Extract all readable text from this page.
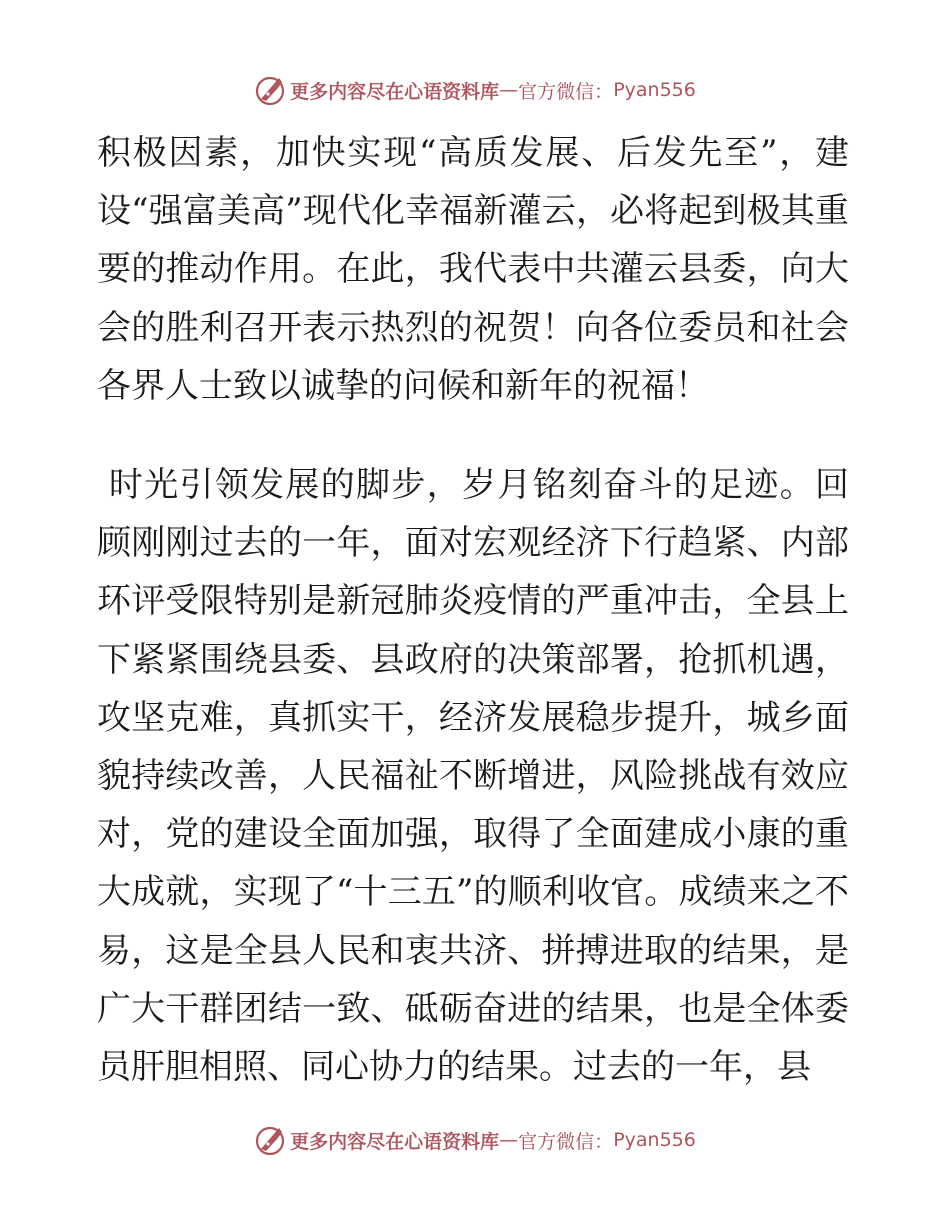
更多内容尽在心语资料库 — 官方微信： Pyan556

积极因素，加快实现“高质发展、后发先至”，建设“强富美高”现代化幸福新灌云，必将起到极其重要的推动作用。在此，我代表中共灌云县委，向大会的胜利召开表示热烈的祝贺！向各位委员和社会各界人士致以诚挚的问候和新年的祝福！

时光引领发展的脚步，岁月铭刻奋斗的足迹。回顾刚刚过去的一年，面对宏观经济下行趋紧、内部环评受限特别是新冠肺炎疫情的严重冲击，全县上下紧紧围绕县委、县政府的决策部署，抢抓机遇，攻坚克难，真抓实干，经济发展稳步提升，城乡面貌持续改善，人民福祉不断增进，风险挑战有效应对，党的建设全面加强，取得了全面建成小康的重大成就，实现了“十三五”的顺利收官。成绩来之不易，这是全县人民和衷共济、拼搏进取的结果，是广大干群团结一致、砥砺奋进的结果，也是全体委员肝胆相照、同心协力的结果。过去的一年，县

更多内容尽在心语资料库 — 官方微信： Pyan556
